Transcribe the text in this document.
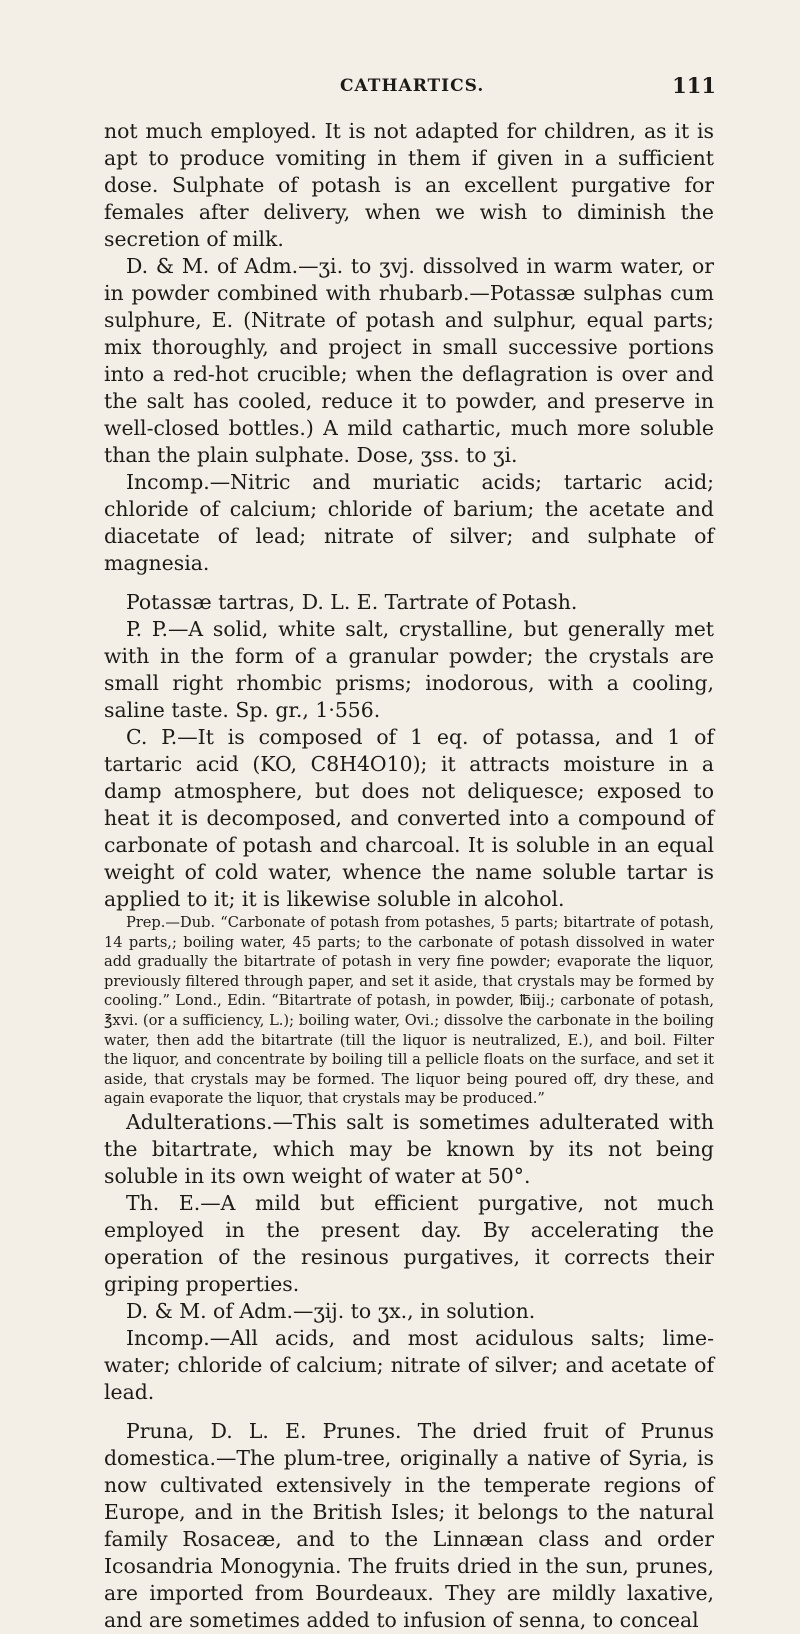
CATHARTICS.	111

not much employed. It is not adapted for children, as it is apt to produce vomiting in them if given in a sufficient dose. Sulphate of potash is an excellent purgative for females after delivery, when we wish to diminish the secretion of milk.

D. & M. of Adm.—ʒi. to ʒvj. dissolved in warm water, or in powder combined with rhubarb.—Potassæ sulphas cum sulphure, E. (Nitrate of potash and sulphur, equal parts; mix thoroughly, and project in small successive portions into a red-hot crucible; when the deflagration is over and the salt has cooled, reduce it to powder, and preserve in well-closed bottles.) A mild cathartic, much more soluble than the plain sulphate. Dose, ʒss. to ʒi.

Incomp.—Nitric and muriatic acids; tartaric acid; chloride of calcium; chloride of barium; the acetate and diacetate of lead; nitrate of silver; and sulphate of magnesia.

Potassæ tartras, D. L. E. Tartrate of Potash.

P. P.—A solid, white salt, crystalline, but generally met with in the form of a granular powder; the crystals are small right rhombic prisms; inodorous, with a cooling, saline taste. Sp. gr., 1·556.

C. P.—It is composed of 1 eq. of potassa, and 1 of tartaric acid (KO, C8H4O10); it attracts moisture in a damp atmosphere, but does not deliquesce; exposed to heat it is decomposed, and converted into a compound of carbonate of potash and charcoal. It is soluble in an equal weight of cold water, whence the name soluble tartar is applied to it; it is likewise soluble in alcohol.

Prep.—Dub. “Carbonate of potash from potashes, 5 parts; bitartrate of potash, 14 parts,; boiling water, 45 parts; to the carbonate of potash dissolved in water add gradually the bitartrate of potash in very fine powder; evaporate the liquor, previously filtered through paper, and set it aside, that crystals may be formed by cooling.” Lond., Edin. “Bitartrate of potash, in powder, ℔iij.; carbonate of potash, ℥xvi. (or a sufficiency, L.); boiling water, Ovi.; dissolve the carbonate in the boiling water, then add the bitartrate (till the liquor is neutralized, E.), and boil. Filter the liquor, and concentrate by boiling till a pellicle floats on the surface, and set it aside, that crystals may be formed. The liquor being poured off, dry these, and again evaporate the liquor, that crystals may be produced.”

Adulterations.—This salt is sometimes adulterated with the bitartrate, which may be known by its not being soluble in its own weight of water at 50°.

Th. E.—A mild but efficient purgative, not much employed in the present day. By accelerating the operation of the resinous purgatives, it corrects their griping properties.

D. & M. of Adm.—ʒij. to ʒx., in solution.

Incomp.—All acids, and most acidulous salts; lime-water; chloride of calcium; nitrate of silver; and acetate of lead.

Pruna, D. L. E. Prunes. The dried fruit of Prunus domestica.—The plum-tree, originally a native of Syria, is now cultivated extensively in the temperate regions of Europe, and in the British Isles; it belongs to the natural family Rosaceæ, and to the Linnæan class and order Icosandria Monogynia. The fruits dried in the sun, prunes, are imported from Bourdeaux. They are mildly laxative, and are sometimes added to infusion of senna, to conceal
